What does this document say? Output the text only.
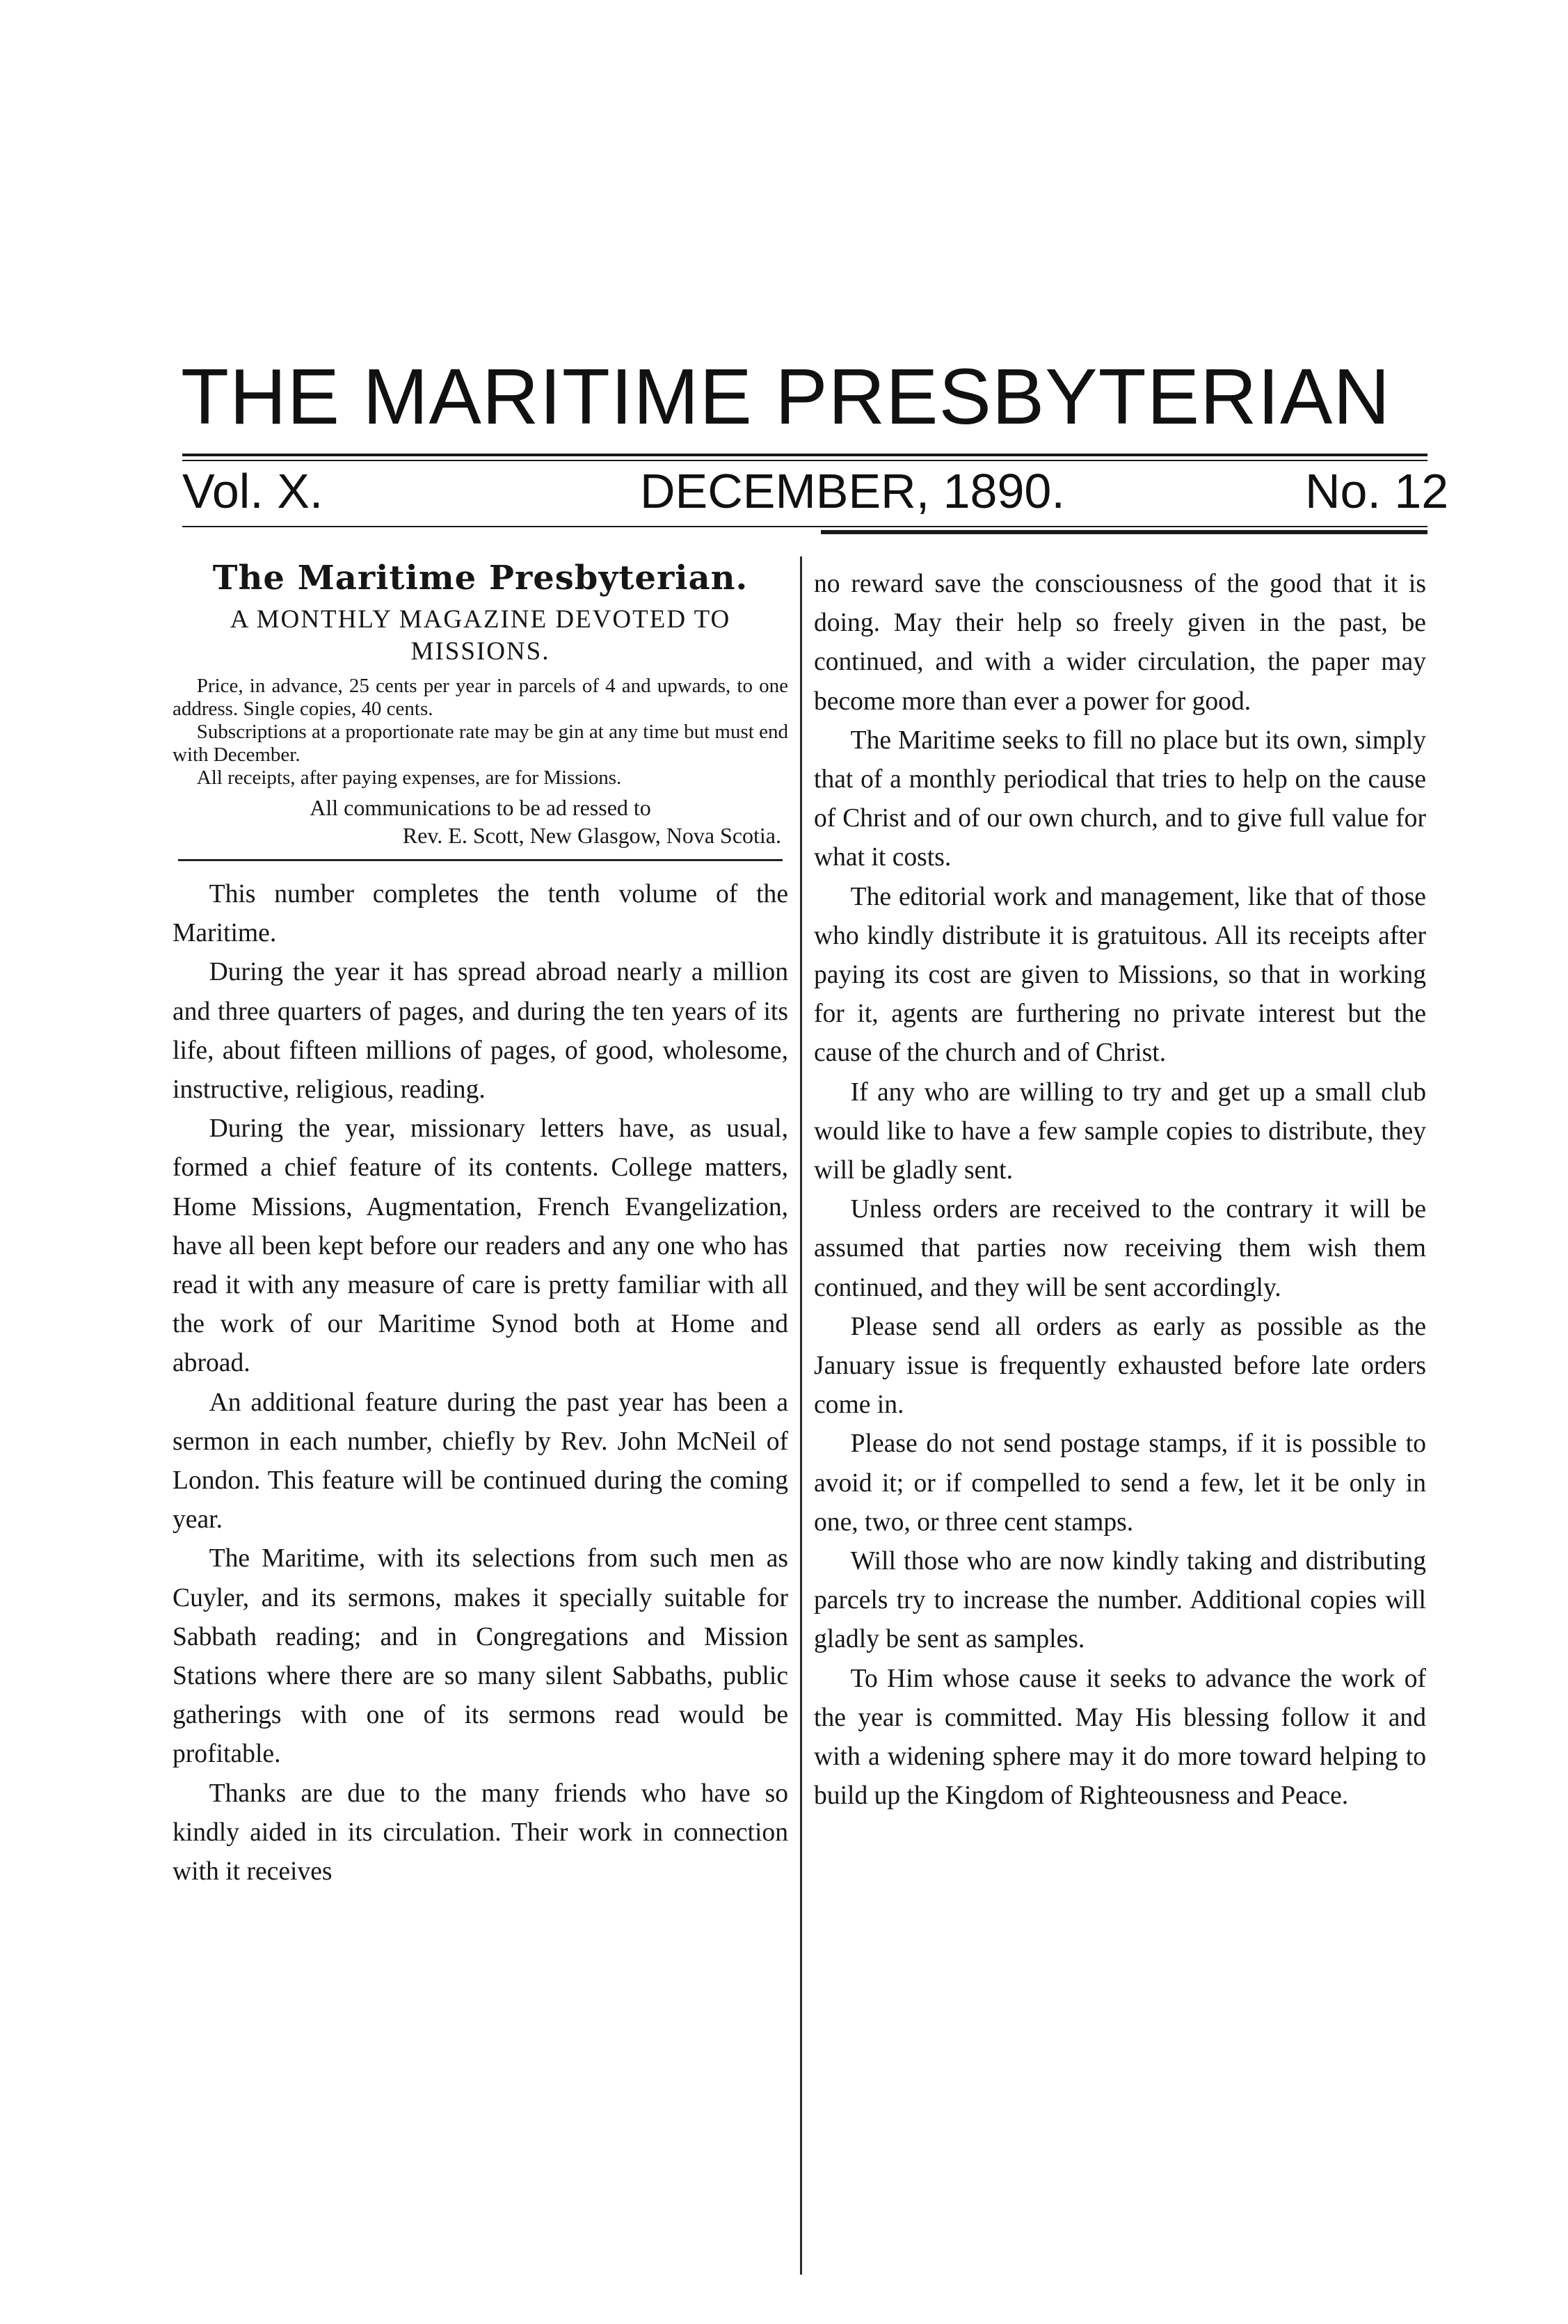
THE MARITIME PRESBYTERIAN
Vol. X.	DECEMBER, 1890.	No. 12
The Maritime Presbyterian.
A MONTHLY MAGAZINE DEVOTED TO MISSIONS.

Price, in advance, 25 cents per year in parcels of 4 and upwards, to one address. Single copies, 40 cents.

Subscriptions at a proportionate rate may be gin at any time but must end with December.

All receipts, after paying expenses, are for Missions.

All communications to be ad ressed to
Rev. E. Scott, New Glasgow, Nova Scotia.

This number completes the tenth volume of the Maritime.

During the year it has spread abroad nearly a million and three quarters of pages, and during the ten years of its life, about fifteen millions of pages, of good, wholesome, instructive, religious, reading.

During the year, missionary letters have, as usual, formed a chief feature of its contents. College matters, Home Missions, Augmentation, French Evangelization, have all been kept before our readers and any one who has read it with any measure of care is pretty familiar with all the work of our Maritime Synod both at Home and abroad.

An additional feature during the past year has been a sermon in each number, chiefly by Rev. John McNeil of London. This feature will be continued during the coming year.

The Maritime, with its selections from such men as Cuyler, and its sermons, makes it specially suitable for Sabbath reading; and in Congregations and Mission Stations where there are so many silent Sabbaths, public gatherings with one of its sermons read would be profitable.

Thanks are due to the many friends who have so kindly aided in its circulation. Their work in connection with it receives

no reward save the consciousness of the good that it is doing. May their help so freely given in the past, be continued, and with a wider circulation, the paper may become more than ever a power for good.

The Maritime seeks to fill no place but its own, simply that of a monthly periodical that tries to help on the cause of Christ and of our own church, and to give full value for what it costs.

The editorial work and management, like that of those who kindly distribute it is gratuitous. All its receipts after paying its cost are given to Missions, so that in working for it, agents are furthering no private interest but the cause of the church and of Christ.

If any who are willing to try and get up a small club would like to have a few sample copies to distribute, they will be gladly sent.

Unless orders are received to the contrary it will be assumed that parties now receiving them wish them continued, and they will be sent accordingly.

Please send all orders as early as possible as the January issue is frequently exhausted before late orders come in.

Please do not send postage stamps, if it is possible to avoid it; or if compelled to send a few, let it be only in one, two, or three cent stamps.

Will those who are now kindly taking and distributing parcels try to increase the number. Additional copies will gladly be sent as samples.

To Him whose cause it seeks to advance the work of the year is committed. May His blessing follow it and with a widening sphere may it do more toward helping to build up the Kingdom of Righteousness and Peace.
